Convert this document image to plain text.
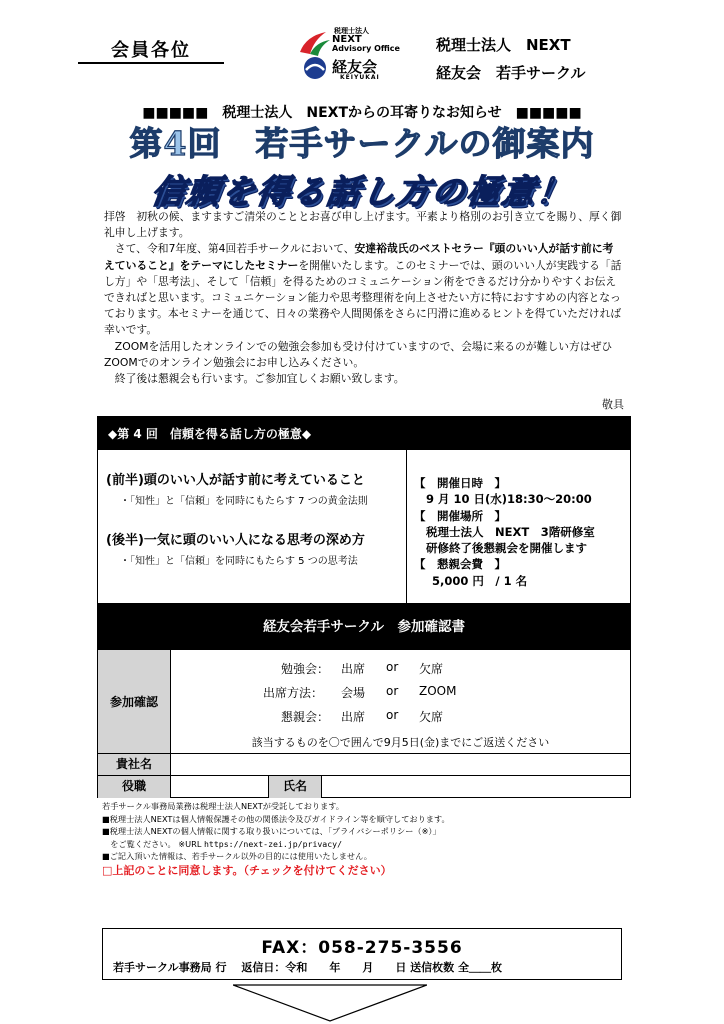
会員各位
税理士法人
NEXT
Advisory Office
経友会
KEIYUKAI
税理士法人　NEXT
経友会　若手サークル
■■■■■　税理士法人　NEXTからの耳寄りなお知らせ　■■■■■
第4回　若手サークルの御案内
信頼を得る話し方の極意！

拝啓　初秋の候、ますますご清栄のこととお喜び申し上げます。平素より格別のお引き立てを賜り、厚く御礼申し上げます。

　さて、令和7年度、第4回若手サークルにおいて、安達裕哉氏のベストセラー『頭のいい人が話す前に考えていること』をテーマにしたセミナーを開催いたします。このセミナーでは、頭のいい人が実践する「話し方」や「思考法」、そして「信頼」を得るためのコミュニケーション術をできるだけ分かりやすくお伝えできればと思います。コミュニケーション能力や思考整理術を向上させたい方に特におすすめの内容となっております。本セミナーを通じて、日々の業務や人間関係をさらに円滑に進めるヒントを得ていただければ幸いです。

　ZOOMを活用したオンラインでの勉強会参加も受け付けていますので、会場に来るのが難しい方はぜひZOOMでのオンライン勉強会にお申し込みください。

　終了後は懇親会も行います。ご参加宜しくお願い致します。

敬具
◆第 4 回　信頼を得る話し方の極意◆
(前半)頭のいい人が話す前に考えていること
・「知性」と「信頼」を同時にもたらす 7 つの黄金法則
(後半)一気に頭のいい人になる思考の深め方
・「知性」と「信頼」を同時にもたらす 5 つの思考法
【　開催日時　】
9 月 10 日(水)18:30～20:00
【　開催場所　】
税理士法人　NEXT　3階研修室
研修終了後懇親会を開催します
【　懇親会費　】
5,000 円　/ 1 名
経友会若手サークル　参加確認書
参加確認
勉強会： 出席 or 欠席
出席方法： 会場 or ZOOM
懇親会： 出席 or 欠席
該当するものを〇で囲んで9月5日(金)までにご返送ください
貴社名
役職	氏名
若手サークル事務局業務は税理士法人NEXTが受託しております。
■税理士法人NEXTは個人情報保護その他の関係法令及びガイドライン等を順守しております。
■税理士法人NEXTの個人情報に関する取り扱いについては、「プライバシーポリシー（※）」
　をご覧ください。 ※URL https://next-zei.jp/privacy/
■ご記入頂いた情報は、若手サークル以外の目的には使用いたしません。
□上記のことに同意します。（チェックを付けてください）
FAX：058-275-3556
若手サークル事務局 行　 返信日：令和　　年　　月　　日 送信枚数 全＿＿枚
